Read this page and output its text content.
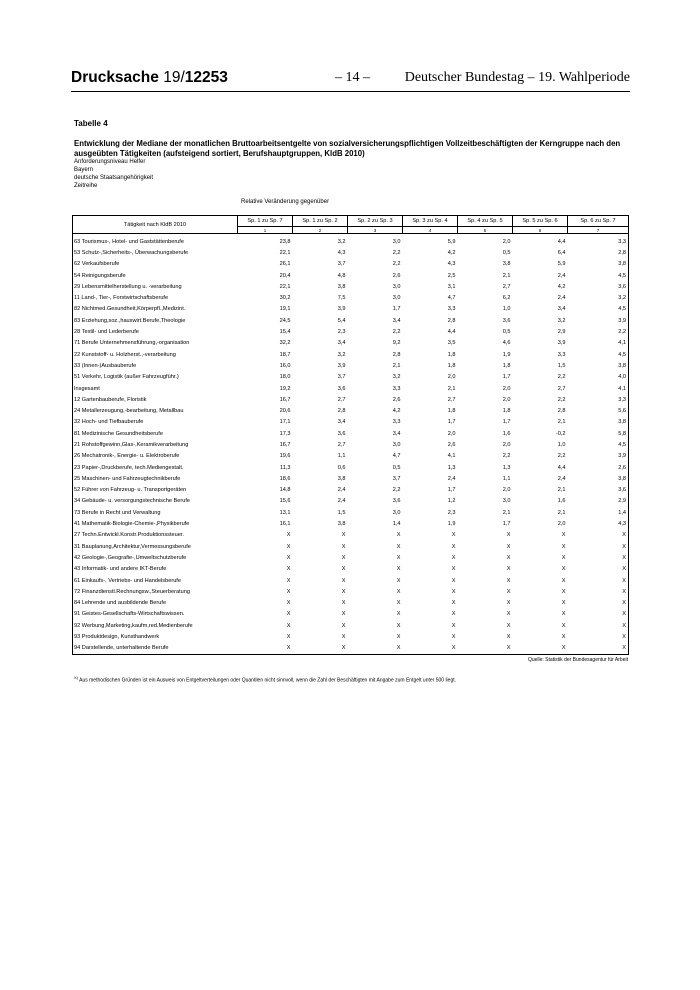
Drucksache 19/12253	– 14 – Deutscher Bundestag – 19. Wahlperiode
Tabelle 4
Entwicklung der Mediane der monatlichen Bruttoarbeitsentgelte von sozialversicherungspflichtigen Vollzeitbeschäftigten der Kerngruppe nach den ausgeübten Tätigkeiten (aufsteigend sortiert, Berufshauptgruppen, KldB 2010)
Anforderungsniveau Helfer
Bayern
deutsche Staatsangehörigkeit
Zeitreihe
Relative Veränderung gegenüber
Tätigkeit nach KldB 2010	Sp. 1 zu Sp. 7	Sp. 1 zu Sp. 2	Sp. 2 zu Sp. 3	Sp. 3 zu Sp. 4	Sp. 4 zu Sp. 5	Sp. 5 zu Sp. 6	Sp. 6 zu Sp. 7
	1	2	3	4	5	6	7
63 Tourismus-, Hotel- und Gaststättenberufe	23,8	3,2	3,0	5,9	2,0	4,4	3,3
53 Schutz-,Sicherheits-, Überwachungsberufe	22,1	4,3	2,2	4,2	0,5	6,4	2,8
62 Verkaufsberufe	26,1	3,7	2,2	4,3	3,8	5,9	3,8
54 Reinigungsberufe	20,4	4,8	2,6	2,5	2,1	2,4	4,5
29 Lebensmittelherstellung u. -verarbeitung	22,1	3,8	3,0	3,1	2,7	4,2	3,6
11 Land-, Tier-, Forstwirtschaftsberufe	30,2	7,5	3,0	4,7	6,2	2,4	3,2
82 Nichtmed.Gesundheit,Körperpfl.,Medizint.	19,1	3,9	1,7	3,3	1,0	3,4	4,5
83 Erziehung,soz.,hauswirt.Berufe,Theologie	24,5	5,4	3,4	2,8	3,6	3,2	3,9
28 Textil- und Lederberufe	15,4	2,3	2,2	4,4	0,5	2,9	2,2
71 Berufe Unternehmensführung,-organisation	32,2	3,4	9,2	3,5	4,6	3,9	4,1
22 Kunststoff- u. Holzherst.,-verarbeitung	18,7	3,2	2,8	1,8	1,9	3,3	4,5
33 (Innen-)Ausbauberufe	16,0	3,9	2,1	1,8	1,8	1,5	3,8
51 Verkehr, Logistik (außer Fahrzeugführ.)	18,0	3,7	3,2	2,0	1,7	2,2	4,0
Insgesamt	19,2	3,6	3,3	2,1	2,0	2,7	4,1
12 Gartenbauberufe, Floristik	16,7	2,7	2,6	2,7	2,0	2,2	3,3
24 Metallerzeugung,-bearbeitung, Metallbau	20,6	2,8	4,2	1,8	1,8	2,8	5,6
32 Hoch- und Tiefbauberufe	17,1	3,4	3,3	1,7	1,7	2,1	3,8
81 Medizinische Gesundheitsberufe	17,3	3,6	3,4	2,0	1,6	-0,2	5,8
21 Rohstoffgewinn,Glas-,Keramikverarbeitung	16,7	2,7	3,0	2,6	2,0	1,0	4,5
26 Mechatronik-, Energie- u. Elektroberufe	19,6	1,1	4,7	4,1	2,2	2,2	3,9
23 Papier-,Druckberufe, tech.Mediengestalt.	11,3	0,6	0,5	1,3	1,3	4,4	2,6
25 Maschinen- und Fahrzeugtechnikberufe	18,6	3,8	3,7	2,4	1,1	2,4	3,8
52 Führer von Fahrzeug- u. Transportgeräten	14,8	2,4	2,2	1,7	2,0	2,1	3,6
34 Gebäude- u. versorgungstechnische Berufe	15,6	2,4	3,6	1,2	3,0	1,6	2,9
73 Berufe in Recht und Verwaltung	13,1	1,5	3,0	2,3	2,1	2,1	1,4
41 Mathematik-Biologie-Chemie-,Physikberufe	16,1	3,8	1,4	1,9	1,7	2,0	4,3
27 Techn.Entwickl.Konstr.Produktionssteuer.	X	X	X	X	X	X	X
31 Bauplanung,Architektur,Vermessungsberufe	X	X	X	X	X	X	X
42 Geologie-,Geografie-,Umweltschutzberufe	X	X	X	X	X	X	X
43 Informatik- und andere IKT-Berufe	X	X	X	X	X	X	X
61 Einkaufs-, Vertriebs- und Handelsberufe	X	X	X	X	X	X	X
72 Finanzdienstl.Rechnungsw.,Steuerberatung	X	X	X	X	X	X	X
84 Lehrende und ausbildende Berufe	X	X	X	X	X	X	X
91 Geistes-Gesellschafts-Wirtschaftswissen.	X	X	X	X	X	X	X
92 Werbung,Marketing,kaufm,red.Medienberufe	X	X	X	X	X	X	X
93 Produktdesign, Kunsthandwerk	X	X	X	X	X	X	X
94 Darstellende, unterhaltende Berufe	X	X	X	X	X	X	X
Quelle: Statistik der Bundesagentur für Arbeit
$^{X)}$ Aus methodischen Gründen ist ein Ausweis von Entgeltverteilungen oder Quantilen nicht sinnvoll, wenn die Zahl der Beschäftigten mit Angabe zum Entgelt unter 500 liegt.
